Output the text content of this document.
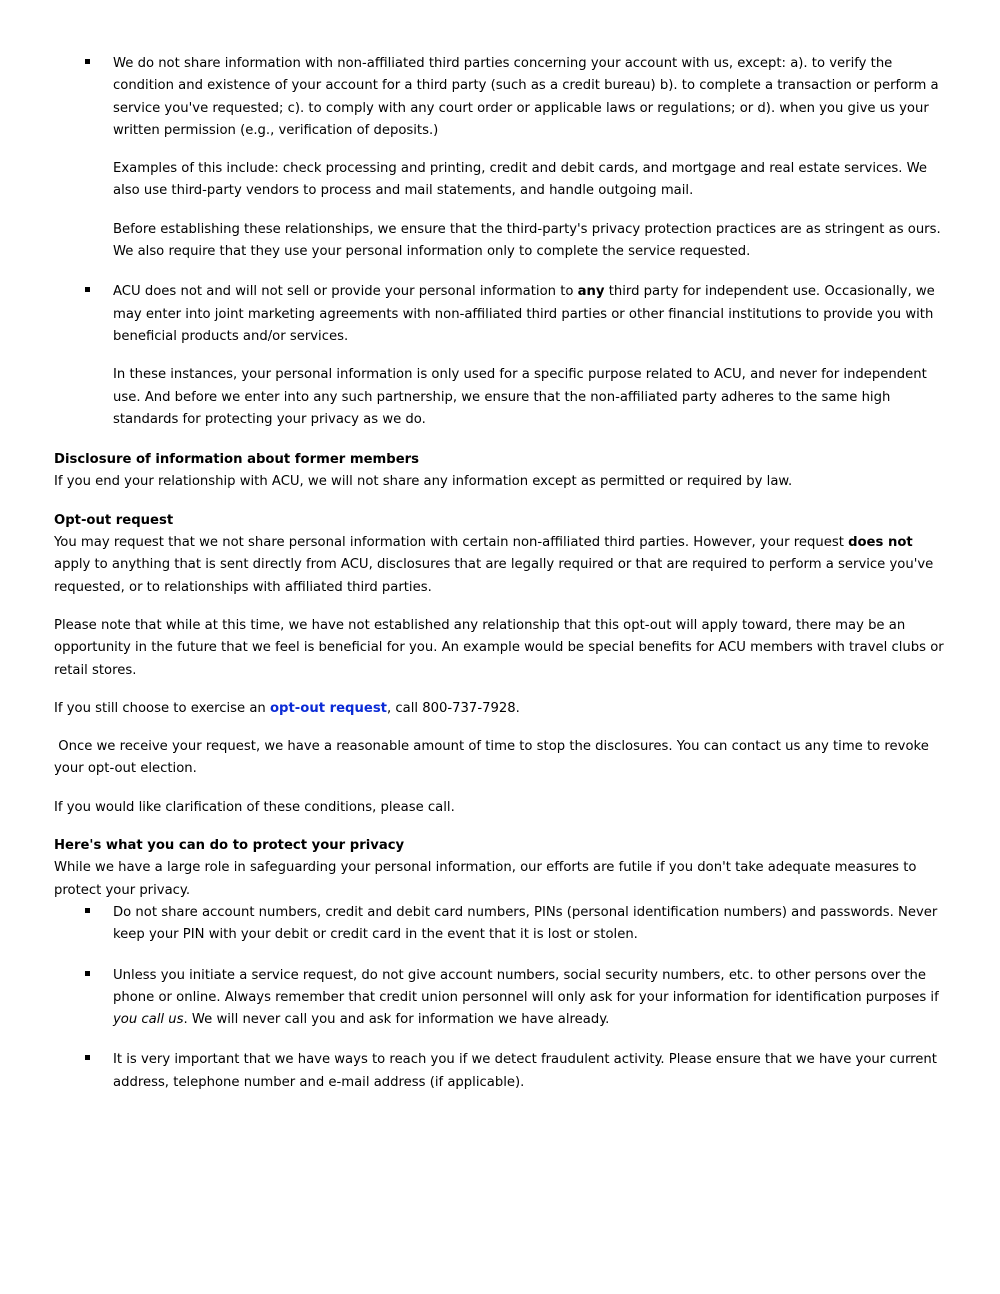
We do not share information with non-affiliated third parties concerning your account with us, except: a). to verify the condition and existence of your account for a third party (such as a credit bureau) b). to complete a transaction or perform a service you've requested; c). to comply with any court order or applicable laws or regulations; or d). when you give us your written permission (e.g., verification of deposits.)

Examples of this include: check processing and printing, credit and debit cards, and mortgage and real estate services. We also use third-party vendors to process and mail statements, and handle outgoing mail.

Before establishing these relationships, we ensure that the third-party's privacy protection practices are as stringent as ours. We also require that they use your personal information only to complete the service requested.

ACU does not and will not sell or provide your personal information to any third party for independent use. Occasionally, we may enter into joint marketing agreements with non-affiliated third parties or other financial institutions to provide you with beneficial products and/or services.

In these instances, your personal information is only used for a specific purpose related to ACU, and never for independent use. And before we enter into any such partnership, we ensure that the non-affiliated party adheres to the same high standards for protecting your privacy as we do.

Disclosure of information about former members

If you end your relationship with ACU, we will not share any information except as permitted or required by law.

Opt-out request

You may request that we not share personal information with certain non-affiliated third parties. However, your request does not apply to anything that is sent directly from ACU, disclosures that are legally required or that are required to perform a service you've requested, or to relationships with affiliated third parties.

Please note that while at this time, we have not established any relationship that this opt-out will apply toward, there may be an opportunity in the future that we feel is beneficial for you. An example would be special benefits for ACU members with travel clubs or retail stores.

If you still choose to exercise an opt-out request, call 800-737-7928.

Once we receive your request, we have a reasonable amount of time to stop the disclosures. You can contact us any time to revoke your opt-out election.

If you would like clarification of these conditions, please call.

Here's what you can do to protect your privacy

While we have a large role in safeguarding your personal information, our efforts are futile if you don't take adequate measures to protect your privacy.

Do not share account numbers, credit and debit card numbers, PINs (personal identification numbers) and passwords. Never keep your PIN with your debit or credit card in the event that it is lost or stolen.

Unless you initiate a service request, do not give account numbers, social security numbers, etc. to other persons over the phone or online. Always remember that credit union personnel will only ask for your information for identification purposes if you call us. We will never call you and ask for information we have already.

It is very important that we have ways to reach you if we detect fraudulent activity. Please ensure that we have your current address, telephone number and e-mail address (if applicable).
